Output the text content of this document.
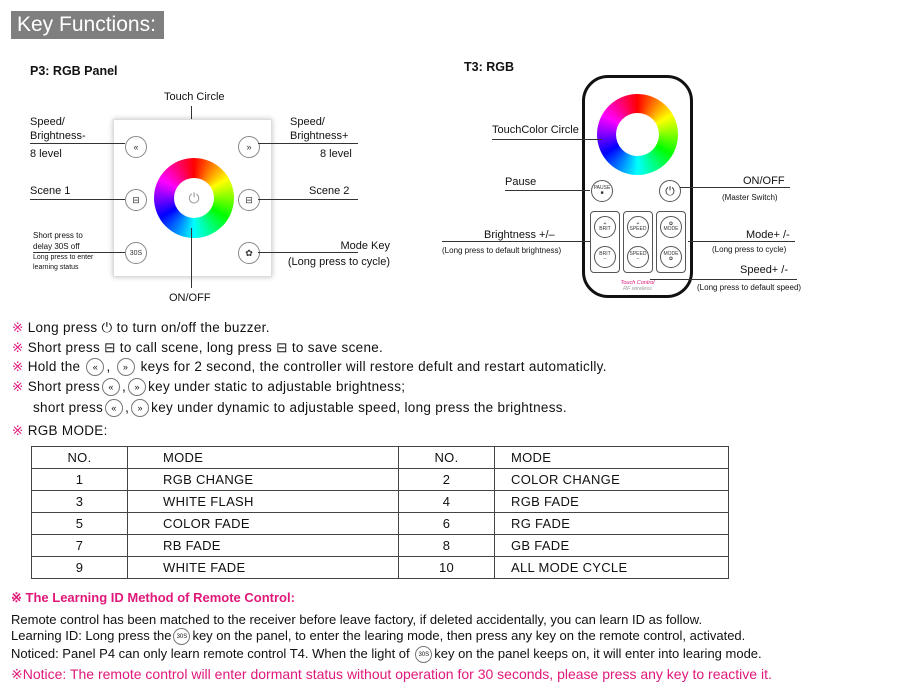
Key Functions:
P3: RGB Panel
Touch Circle
⏻
«	»
⊟	⊟
30S	✿
Speed/
Brightness-
8 level
Scene 1
Short press to
delay 30S off
Long press to enter
learning status
Speed/
Brightness+
8 level
Scene 2
Mode Key
(Long press to cycle)
ON/OFF
T3: RGB
PAUSE
■	⏻
+
BRIT
BRIT
−
+
SPEED
SPEED
−
✿
MODE
MODE
✿
Touch Control
RF wireless
TouchColor Circle
Pause
Brightness +/–
(Long press to default brightness)
ON/OFF
(Master Switch)
Mode+ /-
(Long press to cycle)
Speed+ /-
(Long press to default speed)
※ Long press ⏻ to turn on/off the buzzer.
※ Short press ⊟ to call scene, long press ⊟ to save scene.
※ Hold the « , » keys for 2 second, the controller will restore defult and restart automaticlly.
※ Short press « , » key under static to adjustable brightness;
short press « , » key under dynamic to adjustable speed, long press the brightness.
※ RGB MODE:
NO.	MODE	NO.	MODE
1	RGB CHANGE	2	COLOR CHANGE
3	WHITE FLASH	4	RGB FADE
5	COLOR FADE	6	RG FADE
7	RB FADE	8	GB FADE
9	WHITE FADE	10	ALL MODE CYCLE
※ The Learning ID Method of Remote Control:
Remote control has been matched to the receiver before leave factory, if deleted accidentally, you can learn ID as follow.
Learning ID: Long press the 30S key on the panel, to enter the learing mode, then press any key on the remote control, activated.
Noticed: Panel P4 can only learn remote control T4. When the light of 30S key on the panel keeps on, it will enter into learing mode.
※Notice: The remote control will enter dormant status without operation for 30 seconds, please press any key to reactive it.
